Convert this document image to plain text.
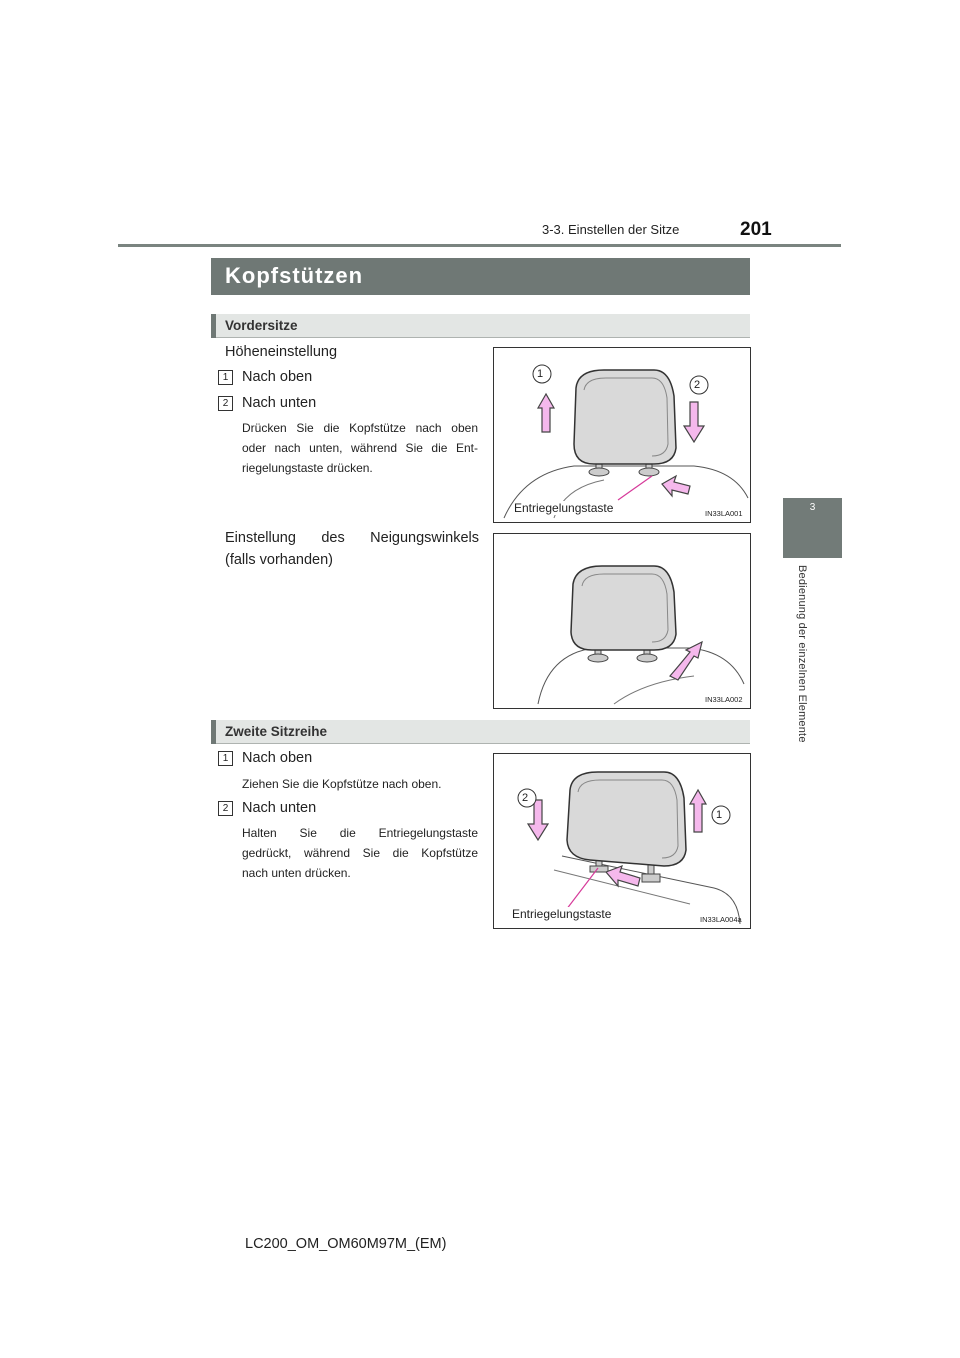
3-3. Einstellen der Sitze	201
3
Bedienung der einzelnen Elemente
Kopfstützen
Vordersitze
Höheneinstellung
1 Nach oben
2 Nach unten
Drücken Sie die Kopfstütze nach oben
oder nach unten, während Sie die Ent-
riegelungstaste drücken.
Einstellung des Neigungswinkels
(falls vorhanden)
1
2
Entriegelungstaste	IN33LA001
IN33LA002
Zweite Sitzreihe
1 Nach oben
Ziehen Sie die Kopfstütze nach oben.
2 Nach unten
Halten Sie die Entriegelungstaste
gedrückt, während Sie die Kopfstütze
nach unten drücken.
1
2
Entriegelungstaste	IN33LA004a
LC200_OM_OM60M97M_(EM)
